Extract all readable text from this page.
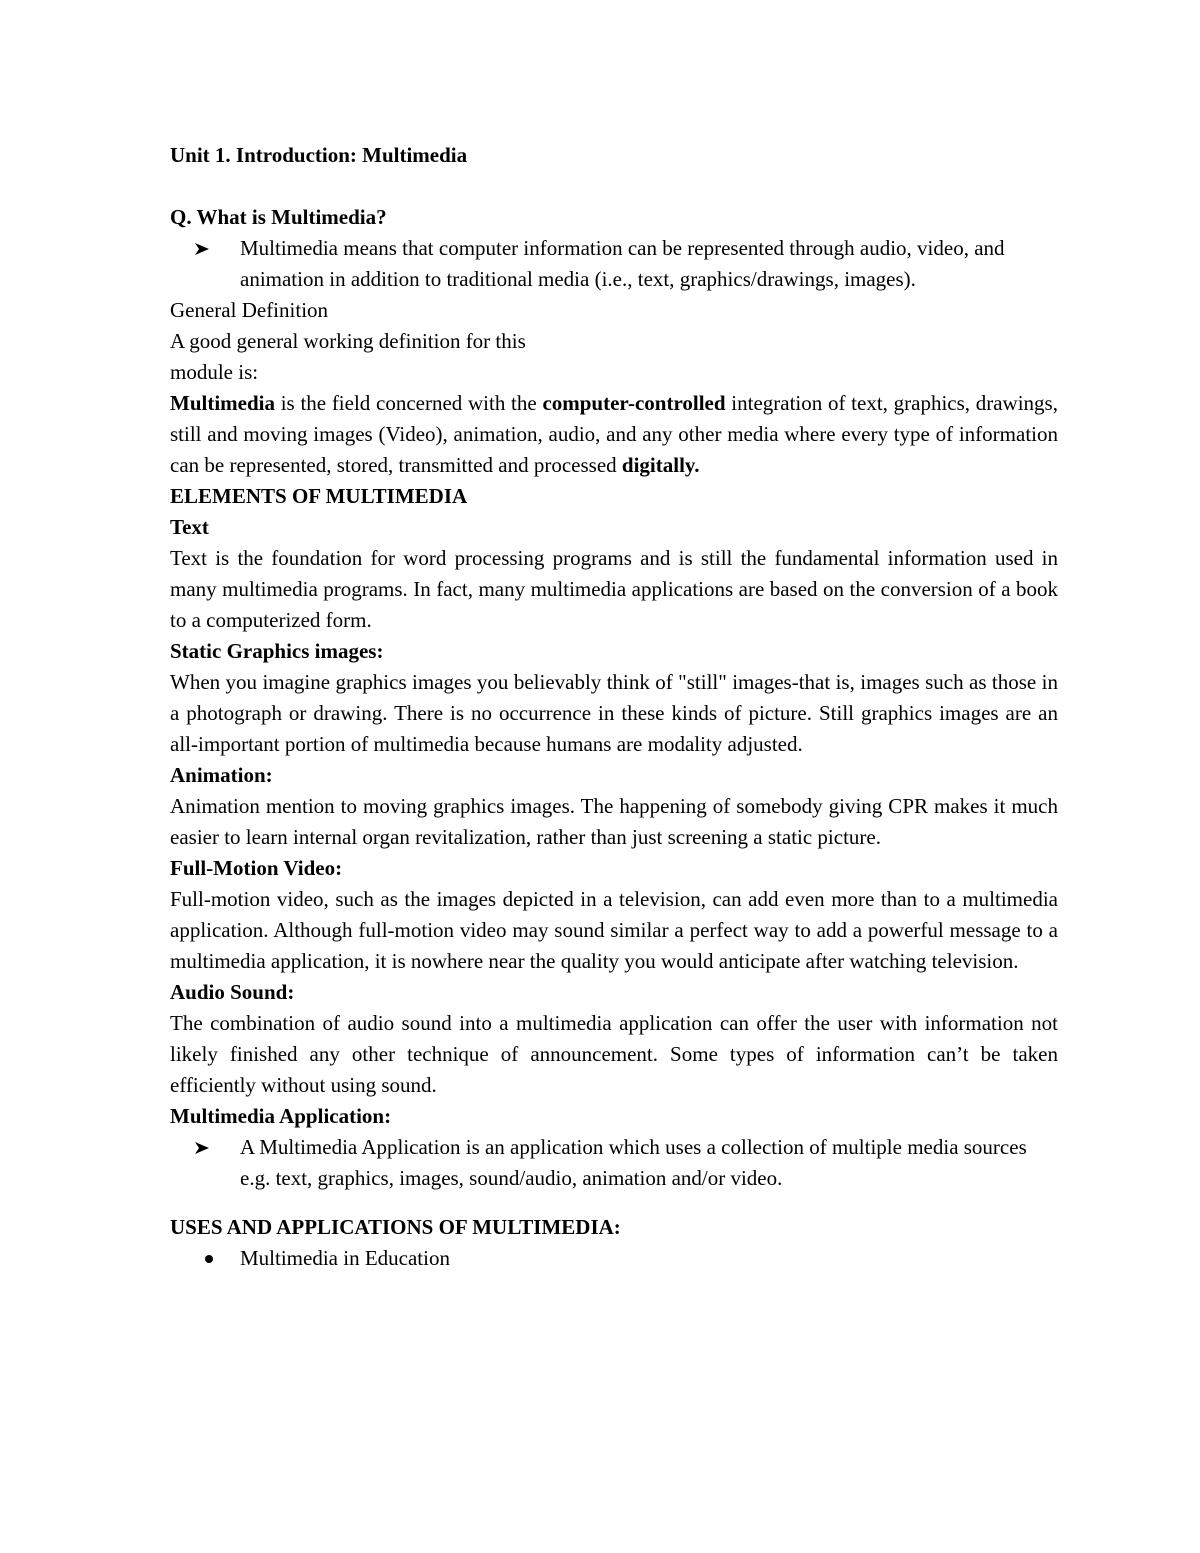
Unit 1. Introduction: Multimedia

Q. What is Multimedia?

Multimedia means that computer information can be represented through audio, video, and animation in addition to traditional media (i.e., text, graphics/drawings, images).

General Definition

A good general working definition for this

module is:

Multimedia is the field concerned with the computer-controlled integration of text, graphics, drawings, still and moving images (Video), animation, audio, and any other media where every type of information can be represented, stored, transmitted and processed digitally.

ELEMENTS OF MULTIMEDIA

Text

Text is the foundation for word processing programs and is still the fundamental information used in many multimedia programs. In fact, many multimedia applications are based on the conversion of a book to a computerized form.

Static Graphics images:

When you imagine graphics images you believably think of "still" images-that is, images such as those in a photograph or drawing. There is no occurrence in these kinds of picture. Still graphics images are an all-important portion of multimedia because humans are modality adjusted.

Animation:

Animation mention to moving graphics images. The happening of somebody giving CPR makes it much easier to learn internal organ revitalization, rather than just screening a static picture.

Full-Motion Video:

Full-motion video, such as the images depicted in a television, can add even more than to a multimedia application. Although full-motion video may sound similar a perfect way to add a powerful message to a multimedia application, it is nowhere near the quality you would anticipate after watching television.

Audio Sound:

The combination of audio sound into a multimedia application can offer the user with information not likely finished any other technique of announcement. Some types of information can’t be taken efficiently without using sound.

Multimedia Application:

A Multimedia Application is an application which uses a collection of multiple media sources e.g. text, graphics, images, sound/audio, animation and/or video.

USES AND APPLICATIONS OF MULTIMEDIA:

Multimedia in Education
